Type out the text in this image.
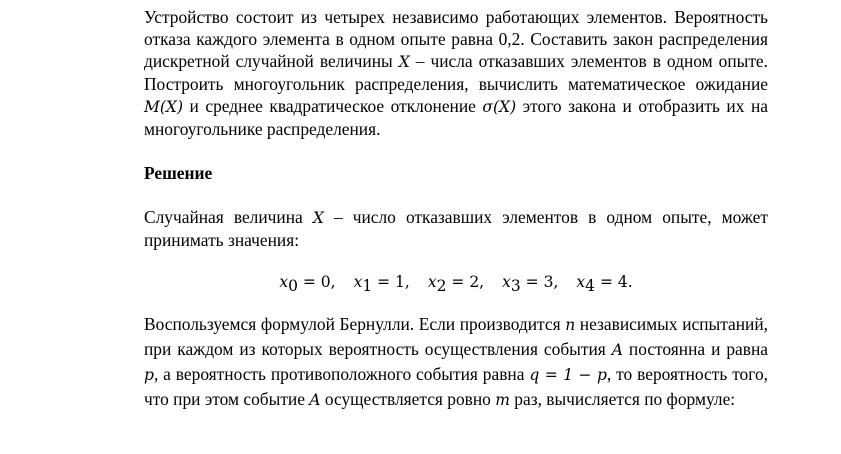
Устройство состоит из четырех независимо работающих элементов. Вероятность отказа каждого элемента в одном опыте равна 0,2. Составить закон распределения дискретной случайной величины X – числа отказавших элементов в одном опыте. Построить многоугольник распределения, вычислить математическое ожидание M(X) и среднее квадратическое отклонение σ(X) этого закона и отобразить их на многоугольнике распределения.

Решение

Случайная величина X – число отказавших элементов в одном опыте, может принимать значения:

$x_0 = 0$, $x_1 = 1$, $x_2 = 2$, $x_3 = 3$, $x_4 = 4$.

Воспользуемся формулой Бернулли. Если производится n независимых испытаний, при каждом из которых вероятность осуществления события A постоянна и равна p, а вероятность противоположного события равна q = 1 − p, то вероятность того, что при этом событие A осуществляется ровно m раз, вычисляется по формуле:
